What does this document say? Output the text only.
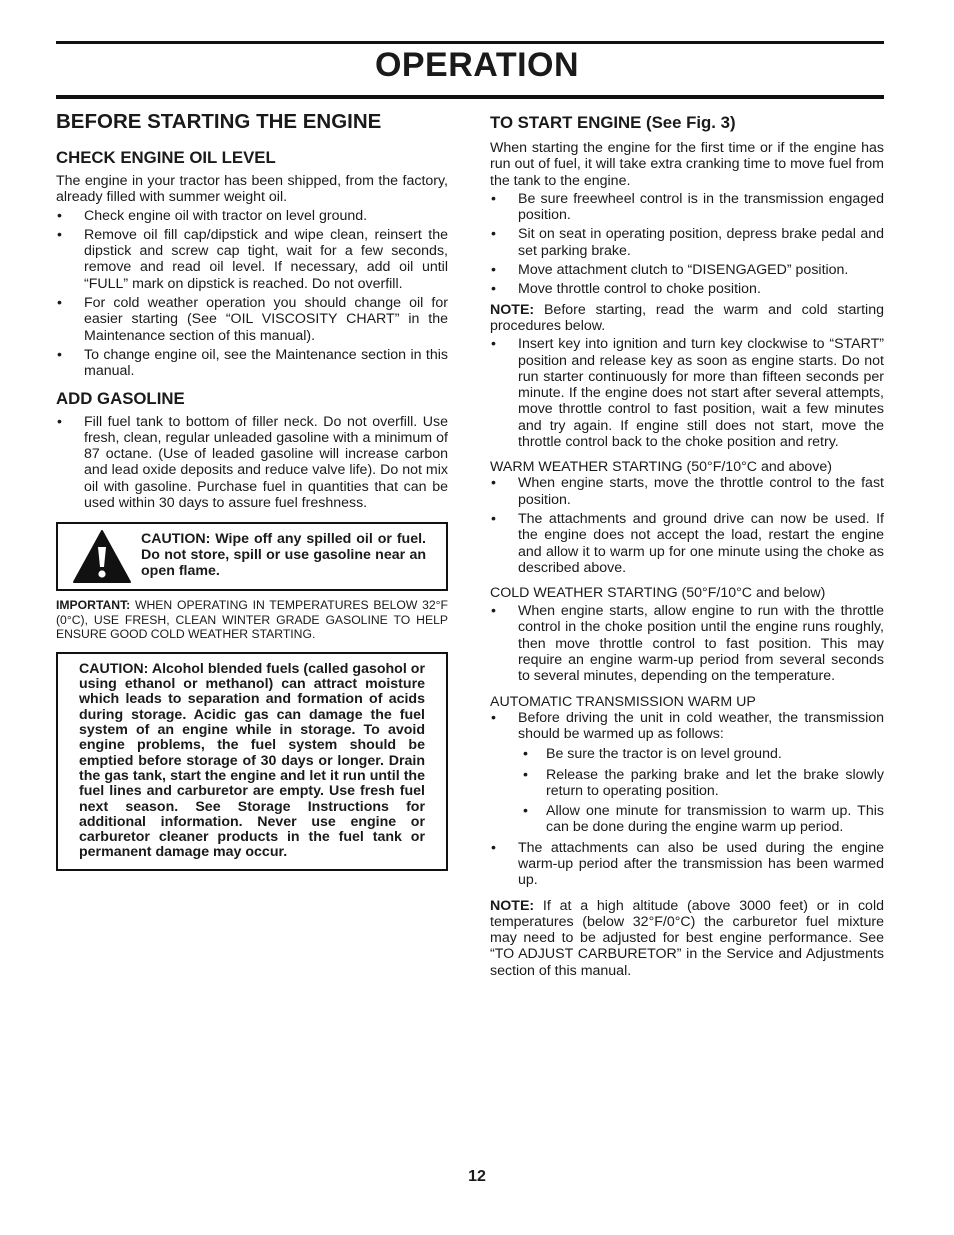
OPERATION
BEFORE STARTING THE ENGINE
CHECK ENGINE OIL LEVEL

The engine in your tractor has been shipped, from the factory, already filled with summer weight oil.

• Check engine oil with tractor on level ground.
• Remove oil fill cap/dipstick and wipe clean, reinsert the dipstick and screw cap tight, wait for a few seconds, remove and read oil level. If necessary, add oil until “FULL” mark on dipstick is reached. Do not overfill.
• For cold weather operation you should change oil for easier starting (See “OIL VISCOSITY CHART” in the Maintenance section of this manual).
• To change engine oil, see the Maintenance section in this manual.
ADD GASOLINE
• Fill fuel tank to bottom of filler neck. Do not overfill. Use fresh, clean, regular unleaded gasoline with a minimum of 87 octane. (Use of leaded gasoline will increase carbon and lead oxide deposits and reduce valve life). Do not mix oil with gasoline. Purchase fuel in quantities that can be used within 30 days to assure fuel freshness.
CAUTION: Wipe off any spilled oil or fuel. Do not store, spill or use gasoline near an open flame.

IMPORTANT: WHEN OPERATING IN TEMPERATURES BELOW 32°F (0°C), USE FRESH, CLEAN WINTER GRADE GASOLINE TO HELP ENSURE GOOD COLD WEATHER STARTING.

CAUTION: Alcohol blended fuels (called gasohol or using ethanol or methanol) can attract moisture which leads to separation and formation of acids during storage. Acidic gas can damage the fuel system of an engine while in storage. To avoid engine problems, the fuel system should be emptied before storage of 30 days or longer. Drain the gas tank, start the engine and let it run until the fuel lines and carburetor are empty. Use fresh fuel next season. See Storage Instructions for additional information. Never use engine or carburetor cleaner products in the fuel tank or permanent damage may occur.

TO START ENGINE (See Fig. 3)

When starting the engine for the first time or if the engine has run out of fuel, it will take extra cranking time to move fuel from the tank to the engine.

• Be sure freewheel control is in the transmission engaged position.
• Sit on seat in operating position, depress brake pedal and set parking brake.
• Move attachment clutch to “DISENGAGED” position.
• Move throttle control to choke position.

NOTE: Before starting, read the warm and cold starting procedures below.

• Insert key into ignition and turn key clockwise to “START” position and release key as soon as engine starts. Do not run starter continuously for more than fifteen seconds per minute. If the engine does not start after several attempts, move throttle control to fast position, wait a few minutes and try again. If engine still does not start, move the throttle control back to the choke position and retry.

WARM WEATHER STARTING (50°F/10°C and above)

• When engine starts, move the throttle control to the fast position.
• The attachments and ground drive can now be used. If the engine does not accept the load, restart the engine and allow it to warm up for one minute using the choke as described above.

COLD WEATHER STARTING (50°F/10°C and below)

• When engine starts, allow engine to run with the throttle control in the choke position until the engine runs roughly, then move throttle control to fast position. This may require an engine warm-up period from several seconds to several minutes, depending on the temperature.

AUTOMATIC TRANSMISSION WARM UP

• Before driving the unit in cold weather, the transmission should be warmed up as follows:
• Be sure the tractor is on level ground.
• Release the parking brake and let the brake slowly return to operating position.
• Allow one minute for transmission to warm up. This can be done during the engine warm up period.
• The attachments can also be used during the engine warm-up period after the transmission has been warmed up.

NOTE: If at a high altitude (above 3000 feet) or in cold temperatures (below 32°F/0°C) the carburetor fuel mixture may need to be adjusted for best engine performance. See “TO ADJUST CARBURETOR” in the Service and Adjustments section of this manual.

12
